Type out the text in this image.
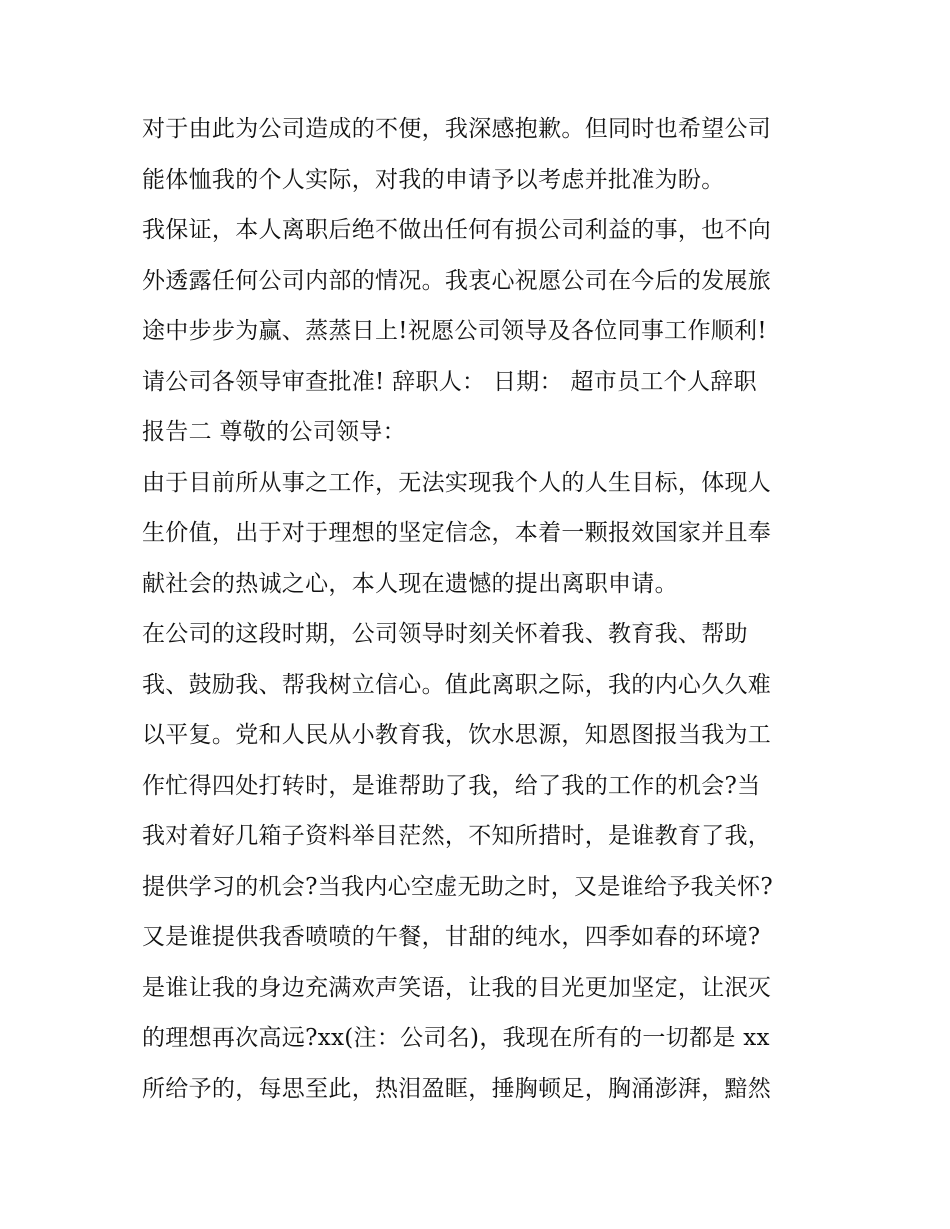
对于由此为公司造成的不便，我深感抱歉。但同时也希望公司
能体恤我的个人实际，对我的申请予以考虑并批准为盼。
我保证，本人离职后绝不做出任何有损公司利益的事，也不向
外透露任何公司内部的情况。我衷心祝愿公司在今后的发展旅
途中步步为赢、蒸蒸日上!祝愿公司领导及各位同事工作顺利!
请公司各领导审查批准! 辞职人： 日期： 超市员工个人辞职
报告二 尊敬的公司领导：
由于目前所从事之工作，无法实现我个人的人生目标，体现人
生价值，出于对于理想的坚定信念，本着一颗报效国家并且奉
献社会的热诚之心，本人现在遗憾的提出离职申请。
在公司的这段时期，公司领导时刻关怀着我、教育我、帮助
我、鼓励我、帮我树立信心。值此离职之际，我的内心久久难
以平复。党和人民从小教育我，饮水思源，知恩图报当我为工
作忙得四处打转时，是谁帮助了我，给了我的工作的机会?当
我对着好几箱子资料举目茫然，不知所措时，是谁教育了我，
提供学习的机会?当我内心空虚无助之时，又是谁给予我关怀?
又是谁提供我香喷喷的午餐，甘甜的纯水，四季如春的环境?
是谁让我的身边充满欢声笑语，让我的目光更加坚定，让泯灭
的理想再次高远?xx(注：公司名)，我现在所有的一切都是 xx
所给予的，每思至此，热泪盈眶，捶胸顿足，胸涌澎湃，黯然
